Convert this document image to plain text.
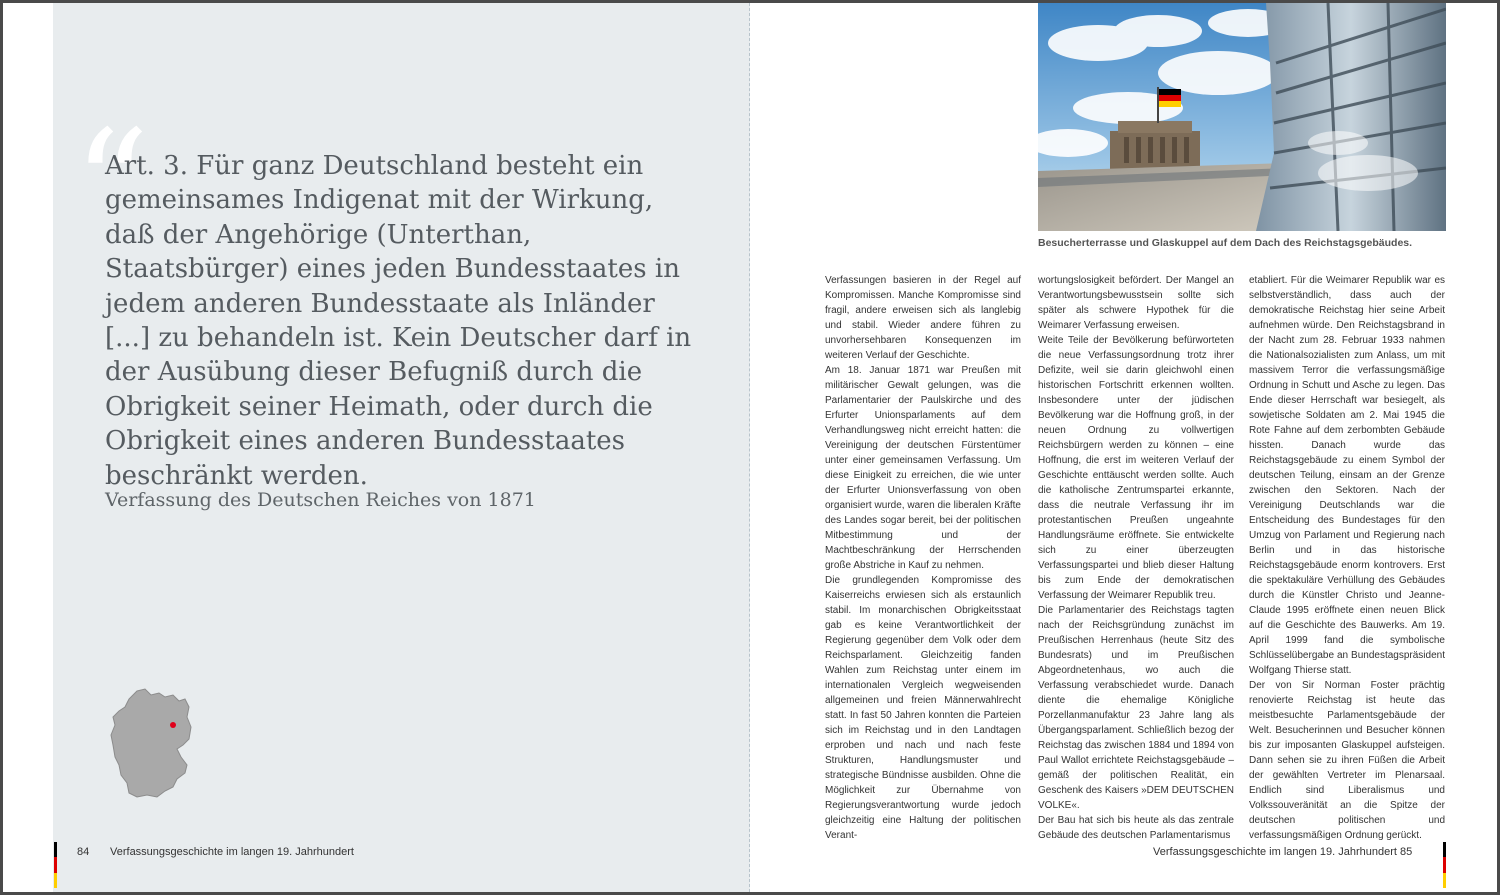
“

Art. 3. Für ganz Deutschland besteht ein gemeinsames Indigenat mit der Wirkung, daß der Angehörige (Unterthan, Staatsbürger) eines jeden Bundesstaates in jedem anderen Bundesstaate als Inländer [...] zu behandeln ist. Kein Deutscher darf in der Ausübung dieser Befugniß durch die Obrigkeit seiner Heimath, oder durch die Obrigkeit eines anderen Bundesstaates beschränkt werden.

Verfassung des Deutschen Reiches von 1871

84 Verfassungsgeschichte im langen 19. Jahrhundert

Besucherterrasse und Glaskuppel auf dem Dach des Reichstagsgebäudes.

Verfassungen basieren in der Regel auf Kompromissen. Manche Kompromisse sind fragil, andere erweisen sich als langlebig und stabil. Wieder andere führen zu unvorhersehbaren Konsequenzen im weiteren Verlauf der Geschichte.

Am 18. Januar 1871 war Preußen mit militärischer Gewalt gelungen, was die Parlamentarier der Paulskirche und des Erfurter Unionsparlaments auf dem Verhandlungsweg nicht erreicht hatten: die Vereinigung der deutschen Fürstentümer unter einer gemeinsamen Verfassung. Um diese Einigkeit zu erreichen, die wie unter der Erfurter Unionsverfassung von oben organisiert wurde, waren die liberalen Kräfte des Landes sogar bereit, bei der politischen Mitbestimmung und der Machtbeschränkung der Herrschenden große Abstriche in Kauf zu nehmen.

Die grundlegenden Kompromisse des Kaiserreichs erwiesen sich als erstaunlich stabil. Im monarchischen Obrigkeitsstaat gab es keine Verantwortlichkeit der Regierung gegenüber dem Volk oder dem Reichsparlament. Gleichzeitig fanden Wahlen zum Reichstag unter einem im internationalen Vergleich wegweisenden allgemeinen und freien Männerwahlrecht statt. In fast 50 Jahren konnten die Parteien sich im Reichstag und in den Landtagen erproben und nach und nach feste Strukturen, Handlungsmuster und strategische Bündnisse ausbilden. Ohne die Möglichkeit zur Übernahme von Regierungsverantwortung wurde jedoch gleichzeitig eine Haltung der politischen Verant-

wortungslosigkeit befördert. Der Mangel an Verantwortungsbewusstsein sollte sich später als schwere Hypothek für die Weimarer Verfassung erweisen.

Weite Teile der Bevölkerung befürworteten die neue Verfassungsordnung trotz ihrer Defizite, weil sie darin gleichwohl einen historischen Fortschritt erkennen wollten. Insbesondere unter der jüdischen Bevölkerung war die Hoffnung groß, in der neuen Ordnung zu vollwertigen Reichsbürgern werden zu können – eine Hoffnung, die erst im weiteren Verlauf der Geschichte enttäuscht werden sollte. Auch die katholische Zentrumspartei erkannte, dass die neutrale Verfassung ihr im protestantischen Preußen ungeahnte Handlungsräume eröffnete. Sie entwickelte sich zu einer überzeugten Verfassungspartei und blieb dieser Haltung bis zum Ende der demokratischen Verfassung der Weimarer Republik treu.

Die Parlamentarier des Reichstags tagten nach der Reichsgründung zunächst im Preußischen Herrenhaus (heute Sitz des Bundesrats) und im Preußischen Abgeordnetenhaus, wo auch die Verfassung verabschiedet wurde. Danach diente die ehemalige Königliche Porzellanmanufaktur 23 Jahre lang als Übergangsparlament. Schließlich bezog der Reichstag das zwischen 1884 und 1894 von Paul Wallot errichtete Reichstagsgebäude – gemäß der politischen Realität, ein Geschenk des Kaisers »DEM DEUTSCHEN VOLKE«.

Der Bau hat sich bis heute als das zentrale Gebäude des deutschen Parlamentarismus

etabliert. Für die Weimarer Republik war es selbstverständlich, dass auch der demokratische Reichstag hier seine Arbeit aufnehmen würde. Den Reichstagsbrand in der Nacht zum 28. Februar 1933 nahmen die Nationalsozialisten zum Anlass, um mit massivem Terror die verfassungsmäßige Ordnung in Schutt und Asche zu legen. Das Ende dieser Herrschaft war besiegelt, als sowjetische Soldaten am 2. Mai 1945 die Rote Fahne auf dem zerbombten Gebäude hissten. Danach wurde das Reichstagsgebäude zu einem Symbol der deutschen Teilung, einsam an der Grenze zwischen den Sektoren. Nach der Vereinigung Deutschlands war die Entscheidung des Bundestages für den Umzug von Parlament und Regierung nach Berlin und in das historische Reichstagsgebäude enorm kontrovers. Erst die spektakuläre Verhüllung des Gebäudes durch die Künstler Christo und Jeanne-Claude 1995 eröffnete einen neuen Blick auf die Geschichte des Bauwerks. Am 19. April 1999 fand die symbolische Schlüsselübergabe an Bundestagspräsident Wolfgang Thierse statt.

Der von Sir Norman Foster prächtig renovierte Reichstag ist heute das meistbesuchte Parlamentsgebäude der Welt. Besucherinnen und Besucher können bis zur imposanten Glaskuppel aufsteigen. Dann sehen sie zu ihren Füßen die Arbeit der gewählten Vertreter im Plenarsaal. Endlich sind Liberalismus und Volkssouveränität an die Spitze der deutschen politischen und verfassungsmäßigen Ordnung gerückt.

Verfassungsgeschichte im langen 19. Jahrhundert 85
